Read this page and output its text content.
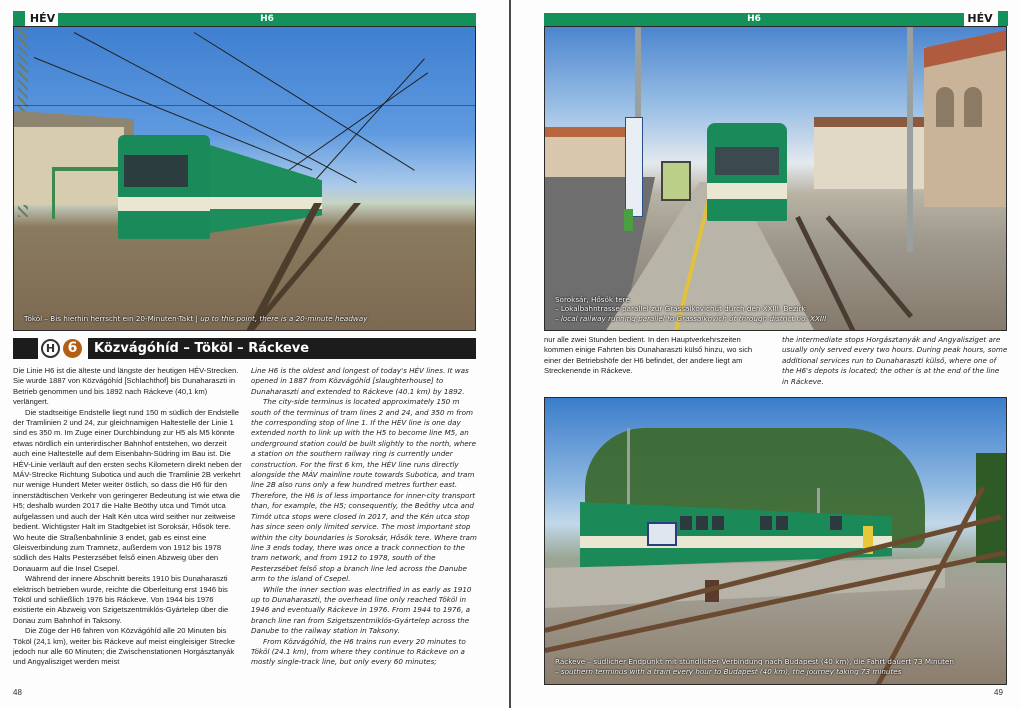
HÉV	H6
Tököl – Bis hierhin herrscht ein 20-Minuten-Takt | up to this point, there is a 20-minute headway
H 6	Közvágóhíd – Tököl – Ráckeve

Die Linie H6 ist die älteste und längste der heutigen HÉV-Strecken. Sie wurde 1887 von Közvágóhíd [Schlachthof] bis Dunaharaszti in Betrieb genommen und bis 1892 nach Ráckeve (40,1 km) verlängert.

Die stadtseitige Endstelle liegt rund 150 m südlich der Endstelle der Tramlinien 2 und 24, zur gleichnamigen Haltestelle der Linie 1 sind es 350 m. Im Zuge einer Durchbindung zur H5 als M5 könnte etwas nördlich ein unterirdischer Bahnhof entstehen, wo derzeit auch eine Haltestelle auf dem Eisenbahn-Südring im Bau ist. Die HÉV-Linie verläuft auf den ersten sechs Kilometern direkt neben der MÁV-Strecke Richtung Subotica und auch die Tramlinie 2B verkehrt nur wenige Hundert Meter weiter östlich, so dass die H6 für den innerstädtischen Verkehr von geringerer Bedeutung ist wie etwa die H5; deshalb wurden 2017 die Halte Beöthy utca und Timót utca aufgelassen und auch der Halt Kén utca wird seither nur zeitweise bedient. Wichtigster Halt im Stadtgebiet ist Soroksár, Hősök tere. Wo heute die Straßenbahnlinie 3 endet, gab es einst eine Gleisverbindung zum Tramnetz, außerdem von 1912 bis 1978 südlich des Halts Pesterzsébet felső einen Abzweig über den Donauarm auf die Insel Csepel.

Während der innere Abschnitt bereits 1910 bis Dunaharaszti elektrisch betrieben wurde, reichte die Oberleitung erst 1946 bis Tököl und schließlich 1976 bis Ráckeve. Von 1944 bis 1976 existierte ein Abzweig von Szigetszentmiklós-Gyártelep über die Donau zum Bahnhof in Taksony.

Die Züge der H6 fahren von Közvágóhíd alle 20 Minuten bis Tököl (24,1 km), weiter bis Ráckeve auf meist eingleisiger Strecke jedoch nur alle 60 Minuten; die Zwischenstationen Horgásztanyák und Angyalisziget werden meist

Line H6 is the oldest and longest of today's HÉV lines. It was opened in 1887 from Közvágóhíd [slaughterhouse] to Dunaharaszti and extended to Ráckeve (40.1 km) by 1892.

The city-side terminus is located approximately 150 m south of the terminus of tram lines 2 and 24, and 350 m from the corresponding stop of line 1. If the HÉV line is one day extended north to link up with the H5 to become line M5, an underground station could be built slightly to the north, where a station on the southern railway ring is currently under construction. For the first 6 km, the HÉV line runs directly alongside the MÁV mainline route towards Subotica, and tram line 2B also runs only a few hundred metres further east. Therefore, the H6 is of less importance for inner-city transport than, for example, the H5; consequently, the Beöthy utca and Timót utca stops were closed in 2017, and the Kén utca stop has since seen only limited service. The most important stop within the city boundaries is Soroksár, Hősök tere. Where tram line 3 ends today, there was once a track connection to the tram network, and from 1912 to 1978, south of the Pesterzsébet felső stop a branch line led across the Danube arm to the island of Csepel.

While the inner section was electrified in as early as 1910 up to Dunaharaszti, the overhead line only reached Tököl in 1946 and eventually Ráckeve in 1976. From 1944 to 1976, a branch line ran from Szigetszentmiklós-Gyártelep across the Danube to the railway station in Taksony.

From Közvágóhíd, the H6 trains run every 20 minutes to Tököl (24.1 km), from where they continue to Ráckeve on a mostly single-track line, but only every 60 minutes;

48
H6	HÉV
Soroksár, Hősök tere
– Lokalbahntrasse parallel zur Grassalkovichút durch den XXIII. Bezirk
– local railway running parallel to Grassalkovich út through district no. XXIII

nur alle zwei Stunden bedient. In den Hauptverkehrszeiten kommen einige Fahrten bis Dunaharaszti külső hinzu, wo sich einer der Betriebshöfe der H6 befindet, der andere liegt am Streckenende in Ráckeve.

the intermediate stops Horgásztanyák and Angyalisziget are usually only served every two hours. During peak hours, some additional services run to Dunaharaszti külső, where one of the H6's depots is located; the other is at the end of the line in Ráckeve.

Ráckeve – südlicher Endpunkt mit stündlicher Verbindung nach Budapest (40 km), die Fahrt dauert 73 Minuten
– southern terminus with a train every hour to Budapest (40 km), the journey taking 73 minutes
49
